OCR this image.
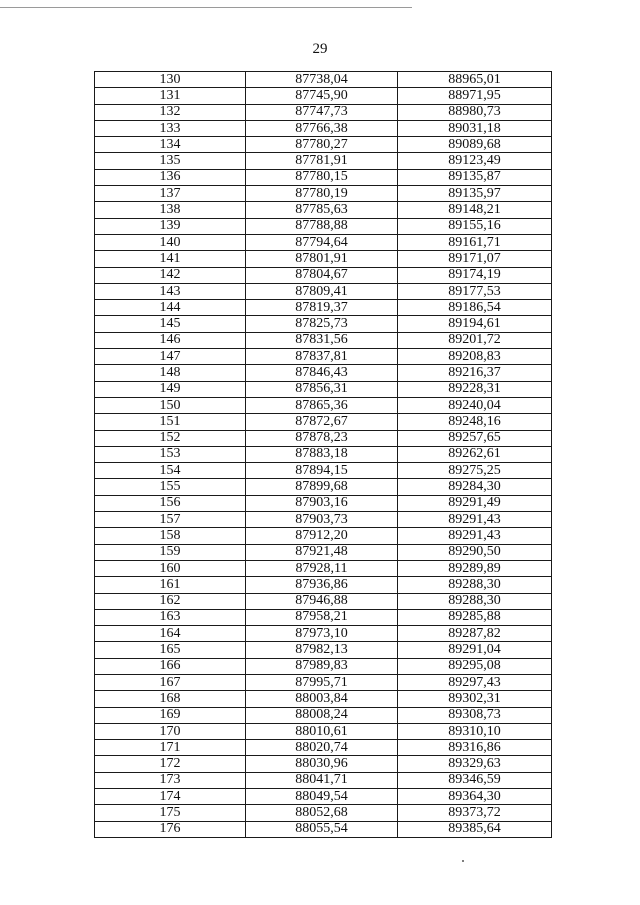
29
130	87738,04	88965,01
131	87745,90	88971,95
132	87747,73	88980,73
133	87766,38	89031,18
134	87780,27	89089,68
135	87781,91	89123,49
136	87780,15	89135,87
137	87780,19	89135,97
138	87785,63	89148,21
139	87788,88	89155,16
140	87794,64	89161,71
141	87801,91	89171,07
142	87804,67	89174,19
143	87809,41	89177,53
144	87819,37	89186,54
145	87825,73	89194,61
146	87831,56	89201,72
147	87837,81	89208,83
148	87846,43	89216,37
149	87856,31	89228,31
150	87865,36	89240,04
151	87872,67	89248,16
152	87878,23	89257,65
153	87883,18	89262,61
154	87894,15	89275,25
155	87899,68	89284,30
156	87903,16	89291,49
157	87903,73	89291,43
158	87912,20	89291,43
159	87921,48	89290,50
160	87928,11	89289,89
161	87936,86	89288,30
162	87946,88	89288,30
163	87958,21	89285,88
164	87973,10	89287,82
165	87982,13	89291,04
166	87989,83	89295,08
167	87995,71	89297,43
168	88003,84	89302,31
169	88008,24	89308,73
170	88010,61	89310,10
171	88020,74	89316,86
172	88030,96	89329,63
173	88041,71	89346,59
174	88049,54	89364,30
175	88052,68	89373,72
176	88055,54	89385,64
